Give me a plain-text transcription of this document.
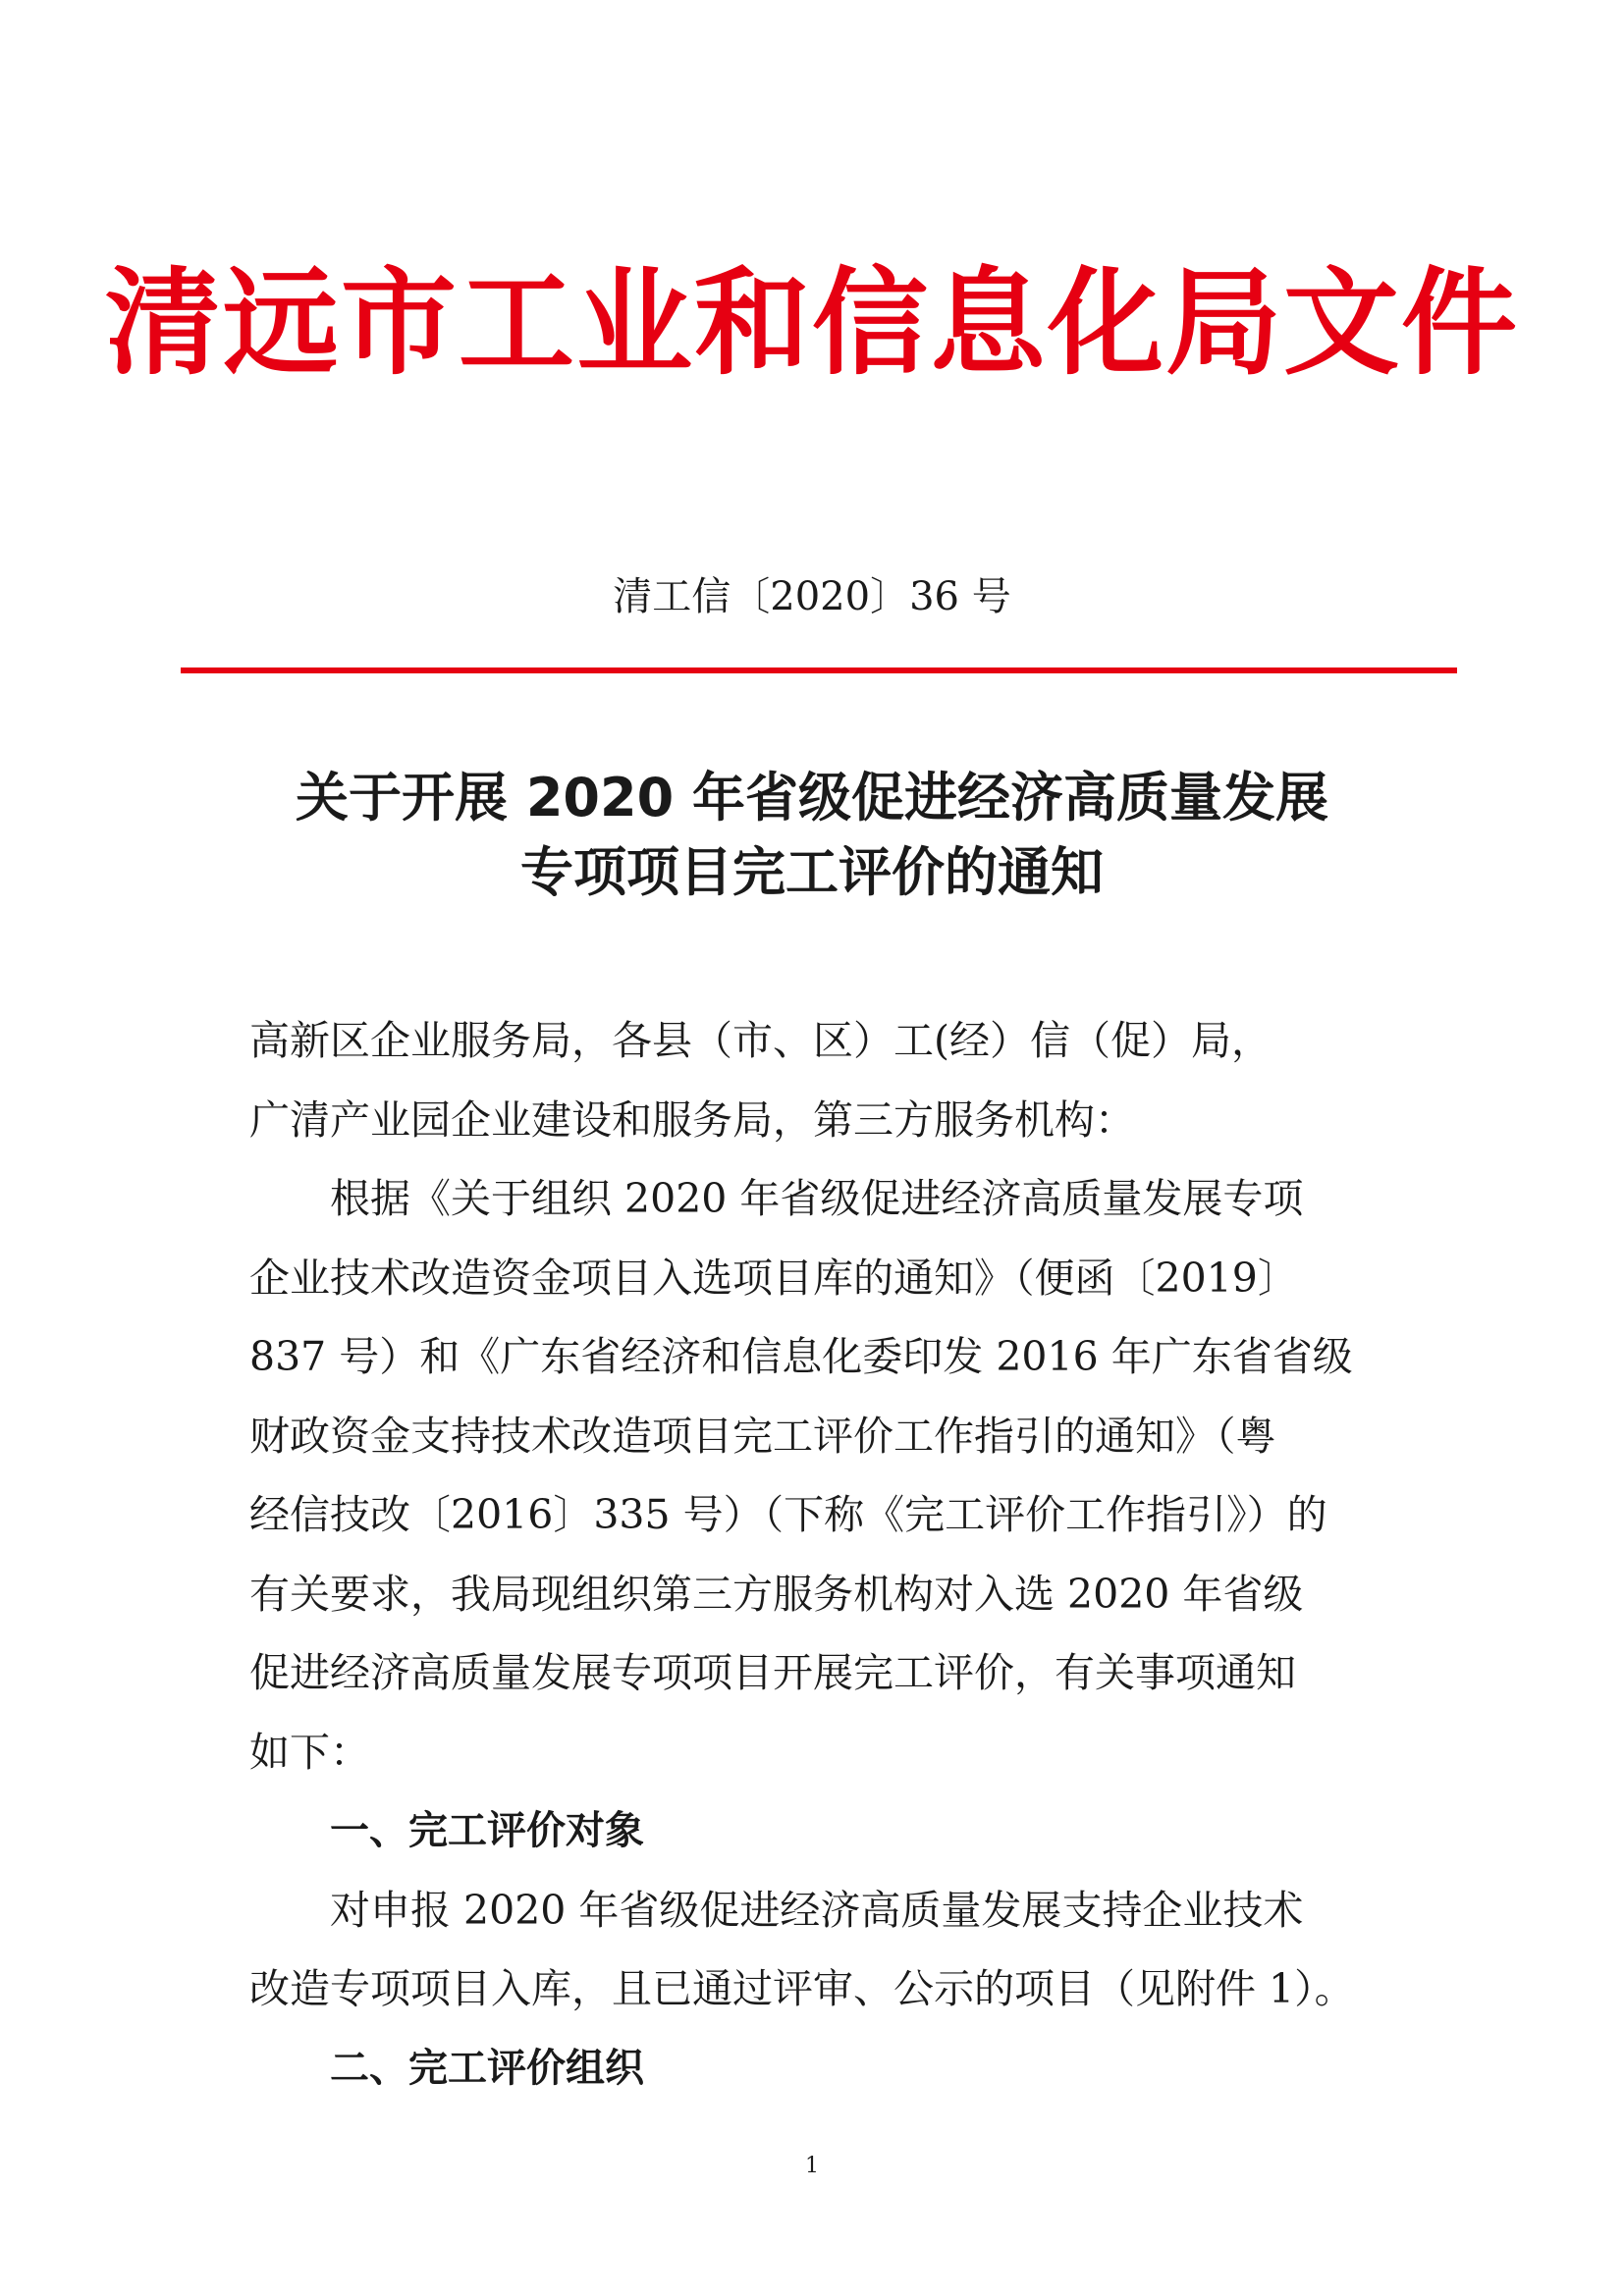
清远市工业和信息化局文件
清工信〔2020〕36 号
关于开展 2020 年省级促进经济高质量发展
专项项目完工评价的通知
高新区企业服务局，各县（市、区）工(经）信（促）局，
广清产业园企业建设和服务局，第三方服务机构：
根据《关于组织 2020 年省级促进经济高质量发展专项
企业技术改造资金项目入选项目库的通知》（便函〔2019〕
837 号）和《广东省经济和信息化委印发 2016 年广东省省级
财政资金支持技术改造项目完工评价工作指引的通知》（粤
经信技改〔2016〕335 号）（下称《完工评价工作指引》）的
有关要求，我局现组织第三方服务机构对入选 2020 年省级
促进经济高质量发展专项项目开展完工评价，有关事项通知
如下：
一、完工评价对象
对申报 2020 年省级促进经济高质量发展支持企业技术
改造专项项目入库，且已通过评审、公示的项目（见附件 1）。
二、完工评价组织
1
